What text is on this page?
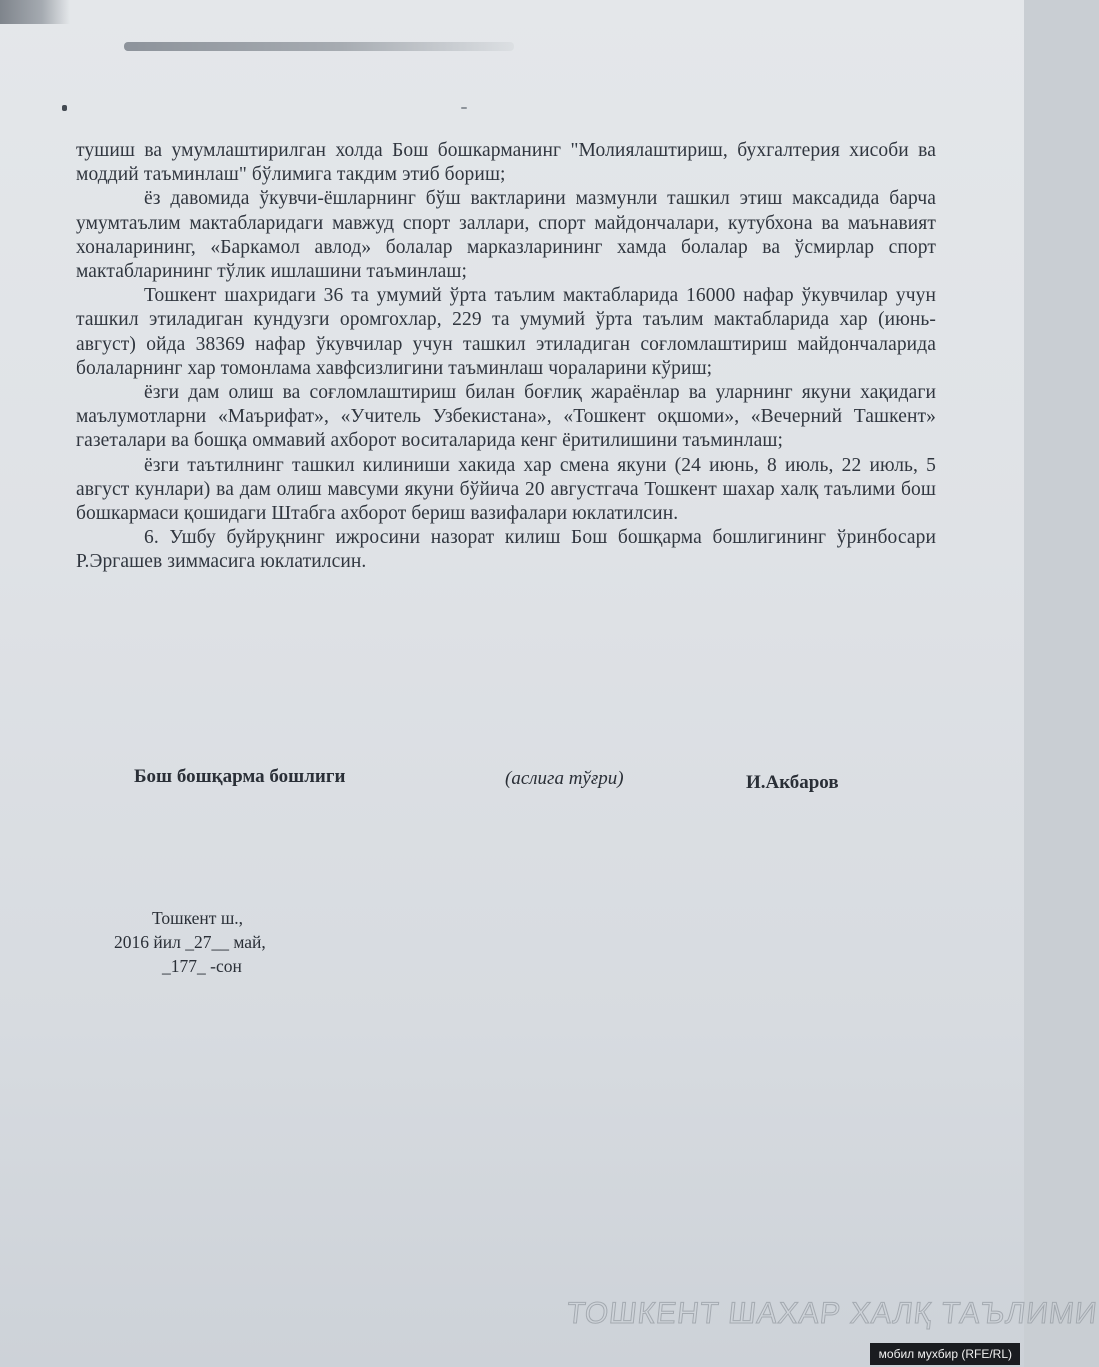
тушиш ва умумлаштирилган холда Бош бошкарманинг "Молиялаштириш, бухгалтерия хисоби ва моддий таъминлаш" бўлимига такдим этиб бориш;

ёз давомида ўкувчи-ёшларнинг бўш вактларини мазмунли ташкил этиш максадида барча умумтаълим мактабларидаги мавжуд спорт заллари, спорт майдончалари, кутубхона ва маънавият хоналарининг, «Баркамол авлод» болалар марказларининг хамда болалар ва ўсмирлар спорт мактабларининг тўлик ишлашини таъминлаш;

Тошкент шахридаги 36 та умумий ўрта таълим мактабларида 16000 нафар ўкувчилар учун ташкил этиладиган кундузги оромгохлар, 229 та умумий ўрта таълим мактабларида хар (июнь-август) ойда 38369 нафар ўкувчилар учун ташкил этиладиган соғломлаштириш майдончаларида болаларнинг хар томонлама хавфсизлигини таъминлаш чораларини кўриш;

ёзги дам олиш ва соғломлаштириш билан боғлиқ жараёнлар ва уларнинг якуни хақидаги маълумотларни «Маърифат», «Учитель Узбекистана», «Тошкент оқшоми», «Вечерний Ташкент» газеталари ва бошқа оммавий ахборот воситаларида кенг ёритилишини таъминлаш;

ёзги таътилнинг ташкил килиниши хакида хар смена якуни (24 июнь, 8 июль, 22 июль, 5 август кунлари) ва дам олиш мавсуми якуни бўйича 20 августгача Тошкент шахар халқ таълими бош бошкармаси қошидаги Штабга ахборот бериш вазифалари юклатилсин.

6. Ушбу буйруқнинг ижросини назорат килиш Бош бошқарма бошлигининг ўринбосари Р.Эргашев зиммасига юклатилсин.

Бош бошқарма бошлиги	(аслига тўғри)	И.Акбаров
Тошкент ш.,
2016 йил _27__ май,
_177_ -сон
ТОШКЕНТ ШАХАР ХАЛҚ ТАЪЛИМИ
мобил мухбир (RFE/RL)
